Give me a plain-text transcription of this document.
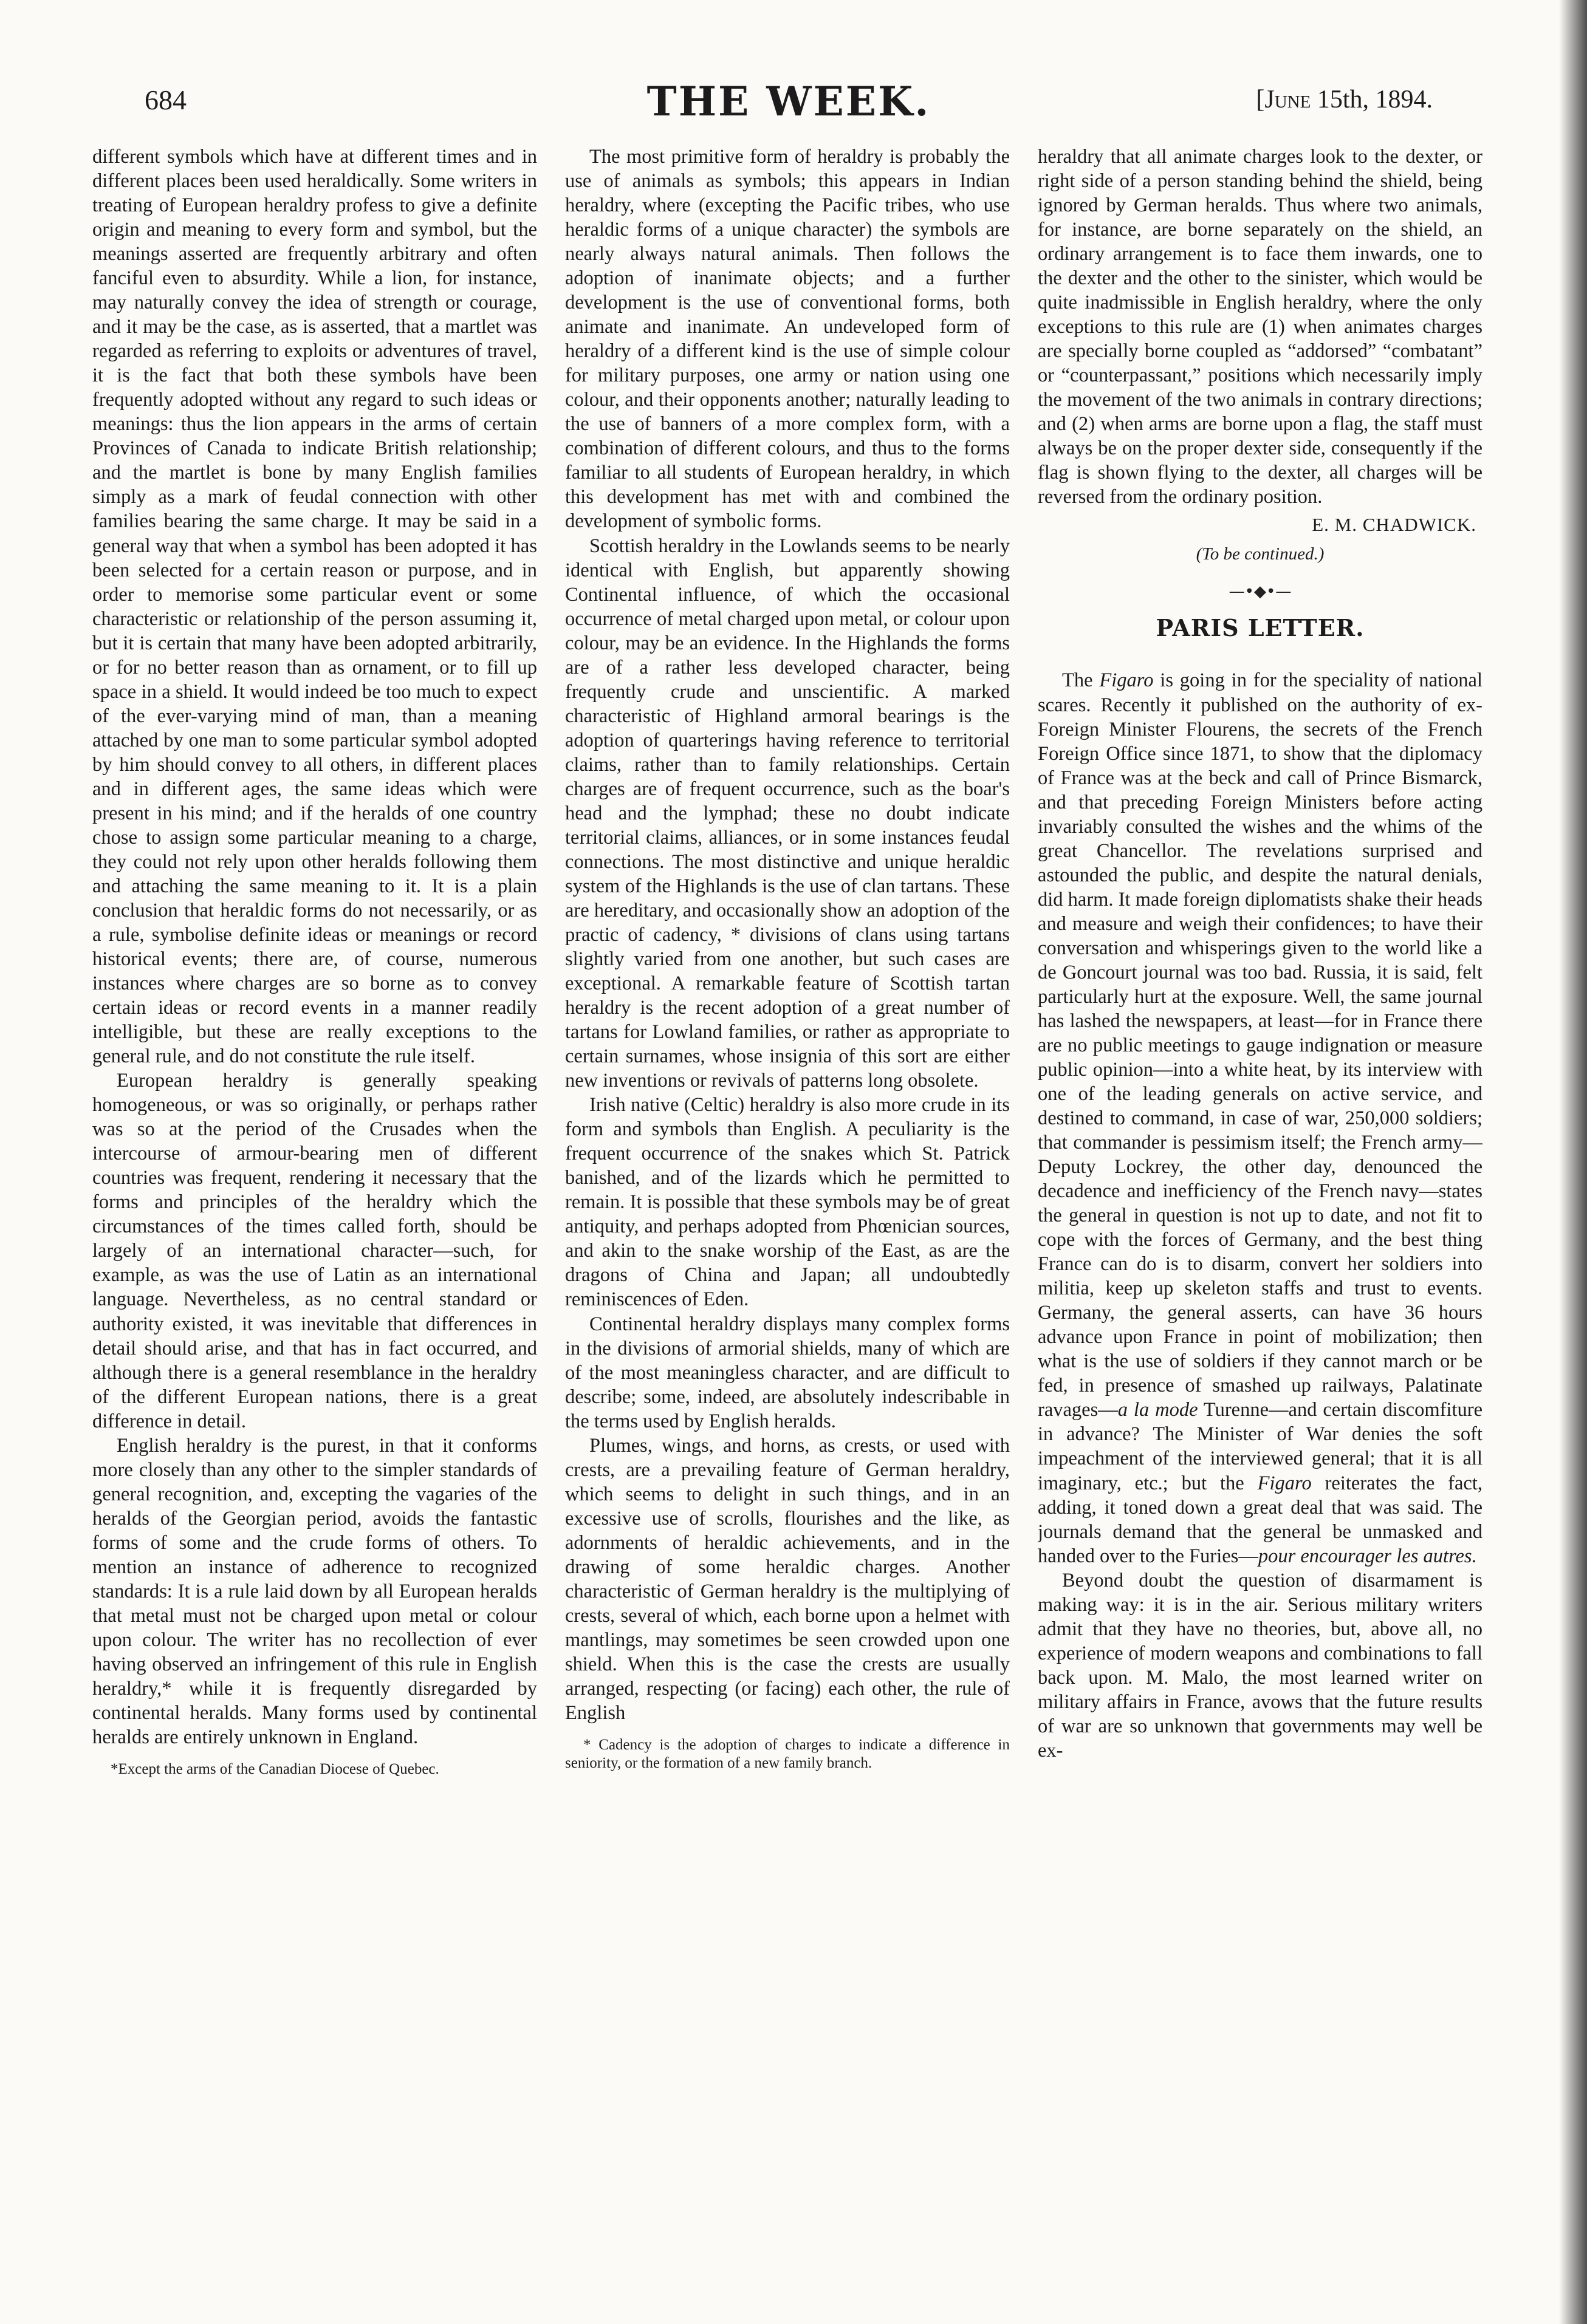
684	THE WEEK.	[June 15th, 1894.

different symbols which have at different times and in different places been used heraldically. Some writers in treating of European heraldry profess to give a definite origin and meaning to every form and symbol, but the meanings asserted are frequently arbitrary and often fanciful even to absurdity. While a lion, for instance, may naturally convey the idea of strength or courage, and it may be the case, as is asserted, that a martlet was regarded as referring to exploits or adventures of travel, it is the fact that both these symbols have been frequently adopted without any regard to such ideas or meanings: thus the lion appears in the arms of certain Provinces of Canada to indicate British relationship; and the martlet is bone by many English families simply as a mark of feudal connection with other families bearing the same charge. It may be said in a general way that when a symbol has been adopted it has been selected for a certain reason or purpose, and in order to memorise some particular event or some characteristic or relationship of the person assuming it, but it is certain that many have been adopted arbitrarily, or for no better reason than as ornament, or to fill up space in a shield. It would indeed be too much to expect of the ever-varying mind of man, than a meaning attached by one man to some particular symbol adopted by him should convey to all others, in different places and in different ages, the same ideas which were present in his mind; and if the heralds of one country chose to assign some particular meaning to a charge, they could not rely upon other heralds following them and attaching the same meaning to it. It is a plain conclusion that heraldic forms do not necessarily, or as a rule, symbolise definite ideas or meanings or record historical events; there are, of course, numerous instances where charges are so borne as to convey certain ideas or record events in a manner readily intelligible, but these are really exceptions to the general rule, and do not constitute the rule itself.

European heraldry is generally speaking homogeneous, or was so originally, or perhaps rather was so at the period of the Crusades when the intercourse of armour-bearing men of different countries was frequent, rendering it necessary that the forms and principles of the heraldry which the circumstances of the times called forth, should be largely of an international character—such, for example, as was the use of Latin as an international language. Nevertheless, as no central standard or authority existed, it was inevitable that differences in detail should arise, and that has in fact occurred, and although there is a general resemblance in the heraldry of the different European nations, there is a great difference in detail.

English heraldry is the purest, in that it conforms more closely than any other to the simpler standards of general recognition, and, excepting the vagaries of the heralds of the Georgian period, avoids the fantastic forms of some and the crude forms of others. To mention an instance of adherence to recognized standards: It is a rule laid down by all European heralds that metal must not be charged upon metal or colour upon colour. The writer has no recollection of ever having observed an infringement of this rule in English heraldry,* while it is frequently disregarded by continental heralds. Many forms used by continental heralds are entirely unknown in England.

*Except the arms of the Canadian Diocese of Quebec.

The most primitive form of heraldry is probably the use of animals as symbols; this appears in Indian heraldry, where (excepting the Pacific tribes, who use heraldic forms of a unique character) the symbols are nearly always natural animals. Then follows the adoption of inanimate objects; and a further development is the use of conventional forms, both animate and inanimate. An undeveloped form of heraldry of a different kind is the use of simple colour for military purposes, one army or nation using one colour, and their opponents another; naturally leading to the use of banners of a more complex form, with a combination of different colours, and thus to the forms familiar to all students of European heraldry, in which this development has met with and combined the development of symbolic forms.

Scottish heraldry in the Lowlands seems to be nearly identical with English, but apparently showing Continental influence, of which the occasional occurrence of metal charged upon metal, or colour upon colour, may be an evidence. In the Highlands the forms are of a rather less developed character, being frequently crude and unscientific. A marked characteristic of Highland armoral bearings is the adoption of quarterings having reference to territorial claims, rather than to family relationships. Certain charges are of frequent occurrence, such as the boar's head and the lymphad; these no doubt indicate territorial claims, alliances, or in some instances feudal connections. The most distinctive and unique heraldic system of the Highlands is the use of clan tartans. These are hereditary, and occasionally show an adoption of the practic of cadency, * divisions of clans using tartans slightly varied from one another, but such cases are exceptional. A remarkable feature of Scottish tartan heraldry is the recent adoption of a great number of tartans for Lowland families, or rather as appropriate to certain surnames, whose insignia of this sort are either new inventions or revivals of patterns long obsolete.

Irish native (Celtic) heraldry is also more crude in its form and symbols than English. A peculiarity is the frequent occurrence of the snakes which St. Patrick banished, and of the lizards which he permitted to remain. It is possible that these symbols may be of great antiquity, and perhaps adopted from Phœnician sources, and akin to the snake worship of the East, as are the dragons of China and Japan; all undoubtedly reminiscences of Eden.

Continental heraldry displays many complex forms in the divisions of armorial shields, many of which are of the most meaningless character, and are difficult to describe; some, indeed, are absolutely indescribable in the terms used by English heralds.

Plumes, wings, and horns, as crests, or used with crests, are a prevailing feature of German heraldry, which seems to delight in such things, and in an excessive use of scrolls, flourishes and the like, as adornments of heraldic achievements, and in the drawing of some heraldic charges. Another characteristic of German heraldry is the multiplying of crests, several of which, each borne upon a helmet with mantlings, may sometimes be seen crowded upon one shield. When this is the case the crests are usually arranged, respecting (or facing) each other, the rule of English

* Cadency is the adoption of charges to indicate a difference in seniority, or the formation of a new family branch.

heraldry that all animate charges look to the dexter, or right side of a person standing behind the shield, being ignored by German heralds. Thus where two animals, for instance, are borne separately on the shield, an ordinary arrangement is to face them inwards, one to the dexter and the other to the sinister, which would be quite inadmissible in English heraldry, where the only exceptions to this rule are (1) when animates charges are specially borne coupled as “addorsed” “combatant” or “counterpassant,” positions which necessarily imply the movement of the two animals in contrary directions; and (2) when arms are borne upon a flag, the staff must always be on the proper dexter side, consequently if the flag is shown flying to the dexter, all charges will be reversed from the ordinary position.

E. M. CHADWICK.
(To be continued.)
—•◆•—
PARIS LETTER.

The Figaro is going in for the speciality of national scares. Recently it published on the authority of ex-Foreign Minister Flourens, the secrets of the French Foreign Office since 1871, to show that the diplomacy of France was at the beck and call of Prince Bismarck, and that preceding Foreign Ministers before acting invariably consulted the wishes and the whims of the great Chancellor. The revelations surprised and astounded the public, and despite the natural denials, did harm. It made foreign diplomatists shake their heads and measure and weigh their confidences; to have their conversation and whisperings given to the world like a de Goncourt journal was too bad. Russia, it is said, felt particularly hurt at the exposure. Well, the same journal has lashed the newspapers, at least—for in France there are no public meetings to gauge indignation or measure public opinion—into a white heat, by its interview with one of the leading generals on active service, and destined to command, in case of war, 250,000 soldiers; that commander is pessimism itself; the French army—Deputy Lockrey, the other day, denounced the decadence and inefficiency of the French navy—states the general in question is not up to date, and not fit to cope with the forces of Germany, and the best thing France can do is to disarm, convert her soldiers into militia, keep up skeleton staffs and trust to events. Germany, the general asserts, can have 36 hours advance upon France in point of mobilization; then what is the use of soldiers if they cannot march or be fed, in presence of smashed up railways, Palatinate ravages—a la mode Turenne—and certain discomfiture in advance? The Minister of War denies the soft impeachment of the interviewed general; that it is all imaginary, etc.; but the Figaro reiterates the fact, adding, it toned down a great deal that was said. The journals demand that the general be unmasked and handed over to the Furies—pour encourager les autres.

Beyond doubt the question of disarmament is making way: it is in the air. Serious military writers admit that they have no theories, but, above all, no experience of modern weapons and combinations to fall back upon. M. Malo, the most learned writer on military affairs in France, avows that the future results of war are so unknown that governments may well be ex-
